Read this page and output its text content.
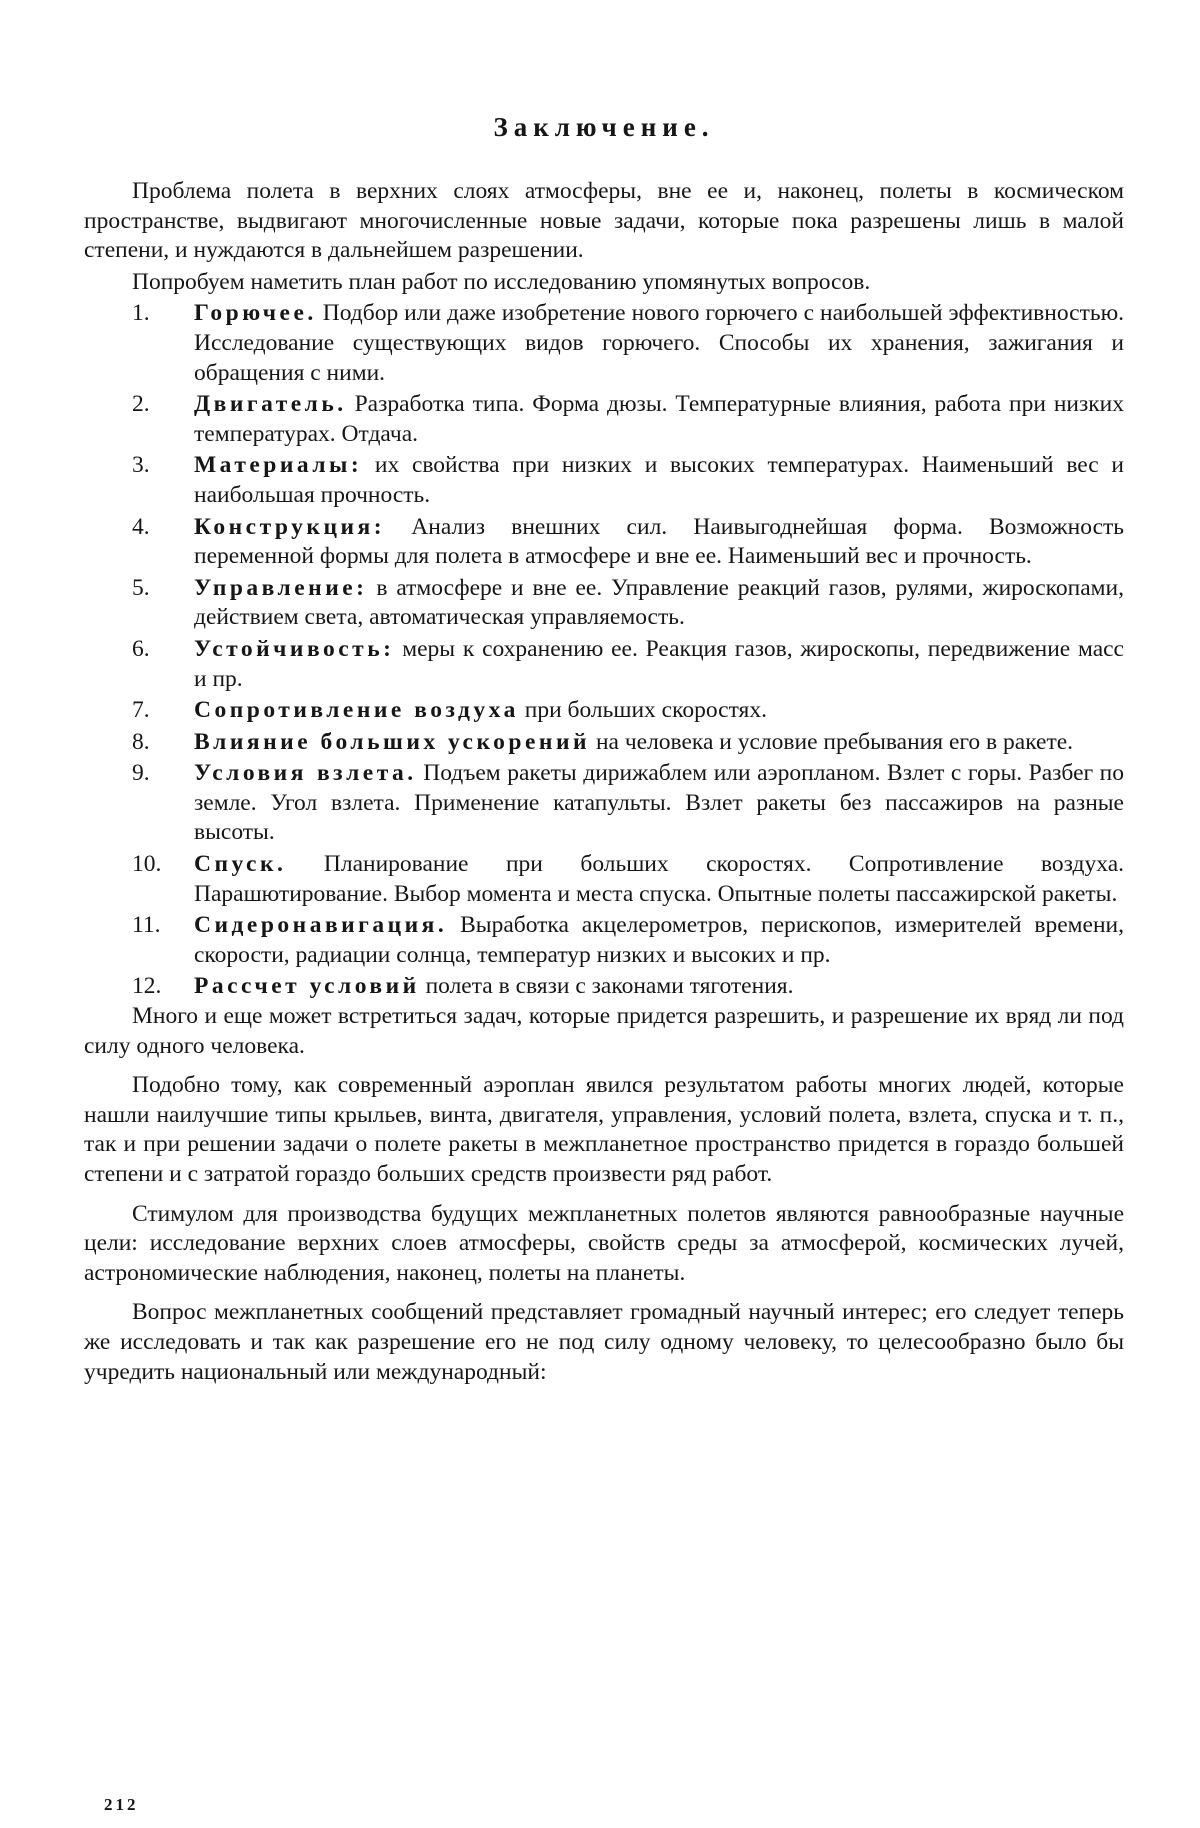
Заключение.

Проблема полета в верхних слоях атмосферы, вне ее и, наконец, полеты в космическом пространстве, выдвигают многочисленные новые задачи, которые пока разрешены лишь в малой степени, и нуждаются в дальнейшем разрешении.

Попробуем наметить план работ по исследованию упомянутых вопросов.

1.	Горючее. Подбор или даже изобретение нового горючего с наибольшей эффективностью. Исследование существующих видов горючего. Способы их хранения, зажигания и обращения с ними.
2.	Двигатель. Разработка типа. Форма дюзы. Температурные влияния, работа при низких температурах. Отдача.
3.	Материалы: их свойства при низких и высоких температурах. Наименьший вес и наибольшая прочность.
4.	Конструкция: Анализ внешних сил. Наивыгоднейшая форма. Возможность переменной формы для полета в атмосфере и вне ее. Наименьший вес и прочность.
5.	Управление: в атмосфере и вне ее. Управление реакций газов, рулями, жироскопами, действием света, автоматическая управляемость.
6.	Устойчивость: меры к сохранению ее. Реакция газов, жироскопы, передвижение масс и пр.
7.	Сопротивление воздуха при больших скоростях.
8.	Влияние больших ускорений на человека и условие пребывания его в ракете.
9.	Условия взлета. Подъем ракеты дирижаблем или аэропланом. Взлет с горы. Разбег по земле. Угол взлета. Применение катапульты. Взлет ракеты без пассажиров на разные высоты.
10.	Спуск. Планирование при больших скоростях. Сопротивление воздуха. Парашютирование. Выбор момента и места спуска. Опытные полеты пассажирской ракеты.
11.	Сидеронавигация. Выработка акцелерометров, перископов, измерителей времени, скорости, радиации солнца, температур низких и высоких и пр.
12.	Рассчет условий полета в связи с законами тяготения.

Много и еще может встретиться задач, которые придется разрешить, и разрешение их вряд ли под силу одного человека.

Подобно тому, как современный аэроплан явился результатом работы многих людей, которые нашли наилучшие типы крыльев, винта, двигателя, управления, условий полета, взлета, спуска и т. п., так и при решении задачи о полете ракеты в межпланетное пространство придется в гораздо большей степени и с затратой гораздо больших средств произвести ряд работ.

Стимулом для производства будущих межпланетных полетов являются равнообразные научные цели: исследование верхних слоев атмосферы, свойств среды за атмосферой, космических лучей, астрономические наблюдения, наконец, полеты на планеты.

Вопрос межпланетных сообщений представляет громадный научный интерес; его следует теперь же исследовать и так как разрешение его не под силу одному человеку, то целесообразно было бы учредить национальный или международный:

212
